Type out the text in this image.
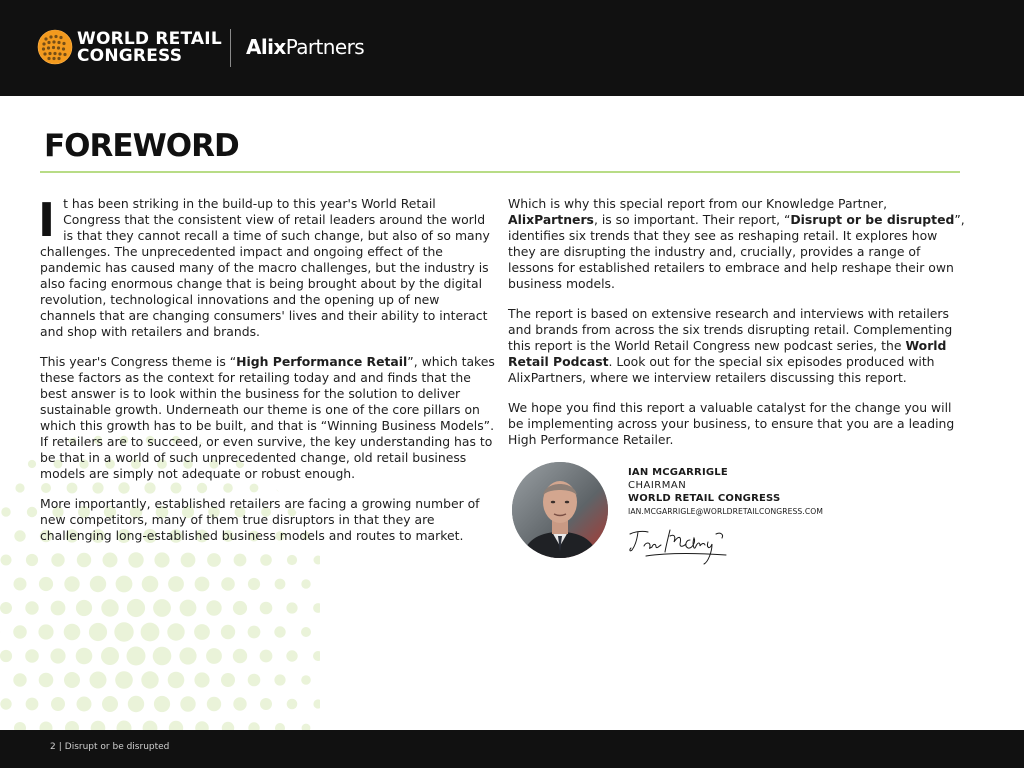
WORLD RETAIL
CONGRESS	AlixPartners
FOREWORD

It has been striking in the build-up to this year's World Retail Congress that the consistent view of retail leaders around the world is that they cannot recall a time of such change, but also of so many challenges. The unprecedented impact and ongoing effect of the pandemic has caused many of the macro challenges, but the industry is also facing enormous change that is being brought about by the digital revolution, technological innovations and the opening up of new channels that are changing consumers' lives and their ability to interact and shop with retailers and brands.

This year's Congress theme is “High Performance Retail”, which takes these factors as the context for retailing today and and finds that the best answer is to look within the business for the solution to deliver sustainable growth. Underneath our theme is one of the core pillars on which this growth has to be built, and that is “Winning Business Models”. If retailers are to succeed, or even survive, the key understanding has to be that in a world of such unprecedented change, old retail business models are simply not adequate or robust enough.

More importantly, established retailers are facing a growing number of new competitors, many of them true disruptors in that they are challenging long-established business models and routes to market.

Which is why this special report from our Knowledge Partner, AlixPartners, is so important. Their report, “Disrupt or be disrupted”, identifies six trends that they see as reshaping retail. It explores how they are disrupting the industry and, crucially, provides a range of lessons for established retailers to embrace and help reshape their own business models.

The report is based on extensive research and interviews with retailers and brands from across the six trends disrupting retail. Complementing this report is the World Retail Congress new podcast series, the World Retail Podcast. Look out for the special six episodes produced with AlixPartners, where we interview retailers discussing this report.

We hope you find this report a valuable catalyst for the change you will be implementing across your business, to ensure that you are a leading High Performance Retailer.

IAN MCGARRIGLE
CHAIRMAN
WORLD RETAIL CONGRESS
IAN.MCGARRIGLE@WORLDRETAILCONGRESS.COM
2 | Disrupt or be disrupted
